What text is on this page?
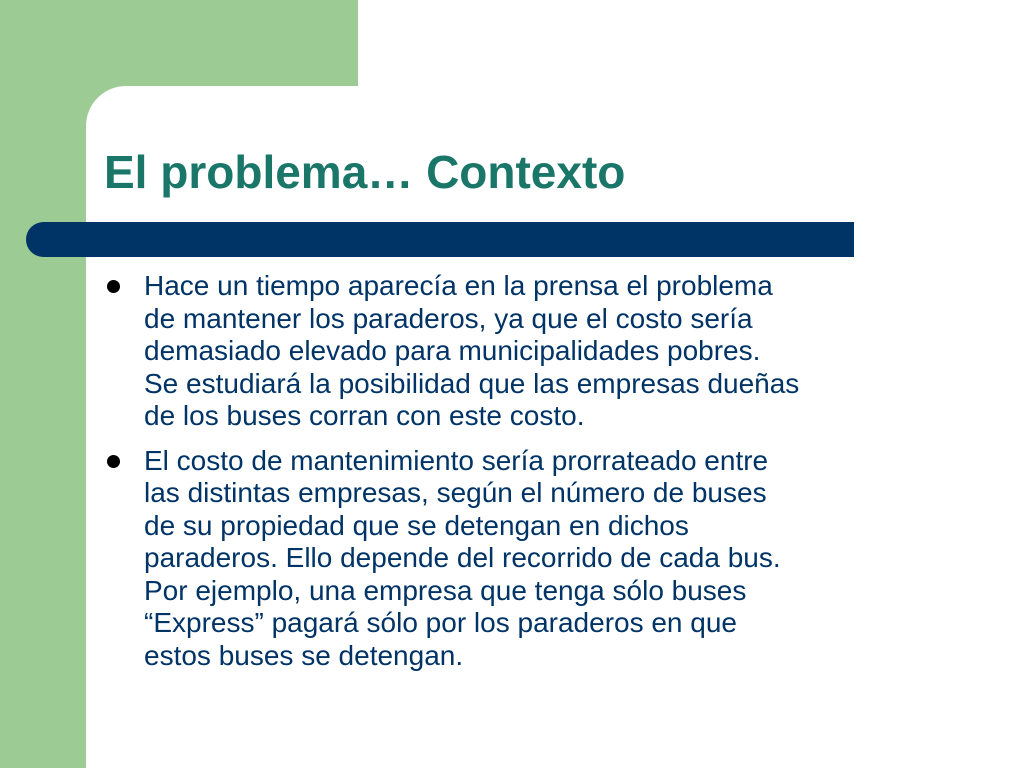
El problema… Contexto
Hace un tiempo aparecía en la prensa el problema
de mantener los paraderos, ya que el costo sería
demasiado elevado para municipalidades pobres.
Se estudiará la posibilidad que las empresas dueñas
de los buses corran con este costo.
El costo de mantenimiento sería prorrateado entre
las distintas empresas, según el número de buses
de su propiedad que se detengan en dichos
paraderos. Ello depende del recorrido de cada bus.
Por ejemplo, una empresa que tenga sólo buses
“Express” pagará sólo por los paraderos en que
estos buses se detengan.
